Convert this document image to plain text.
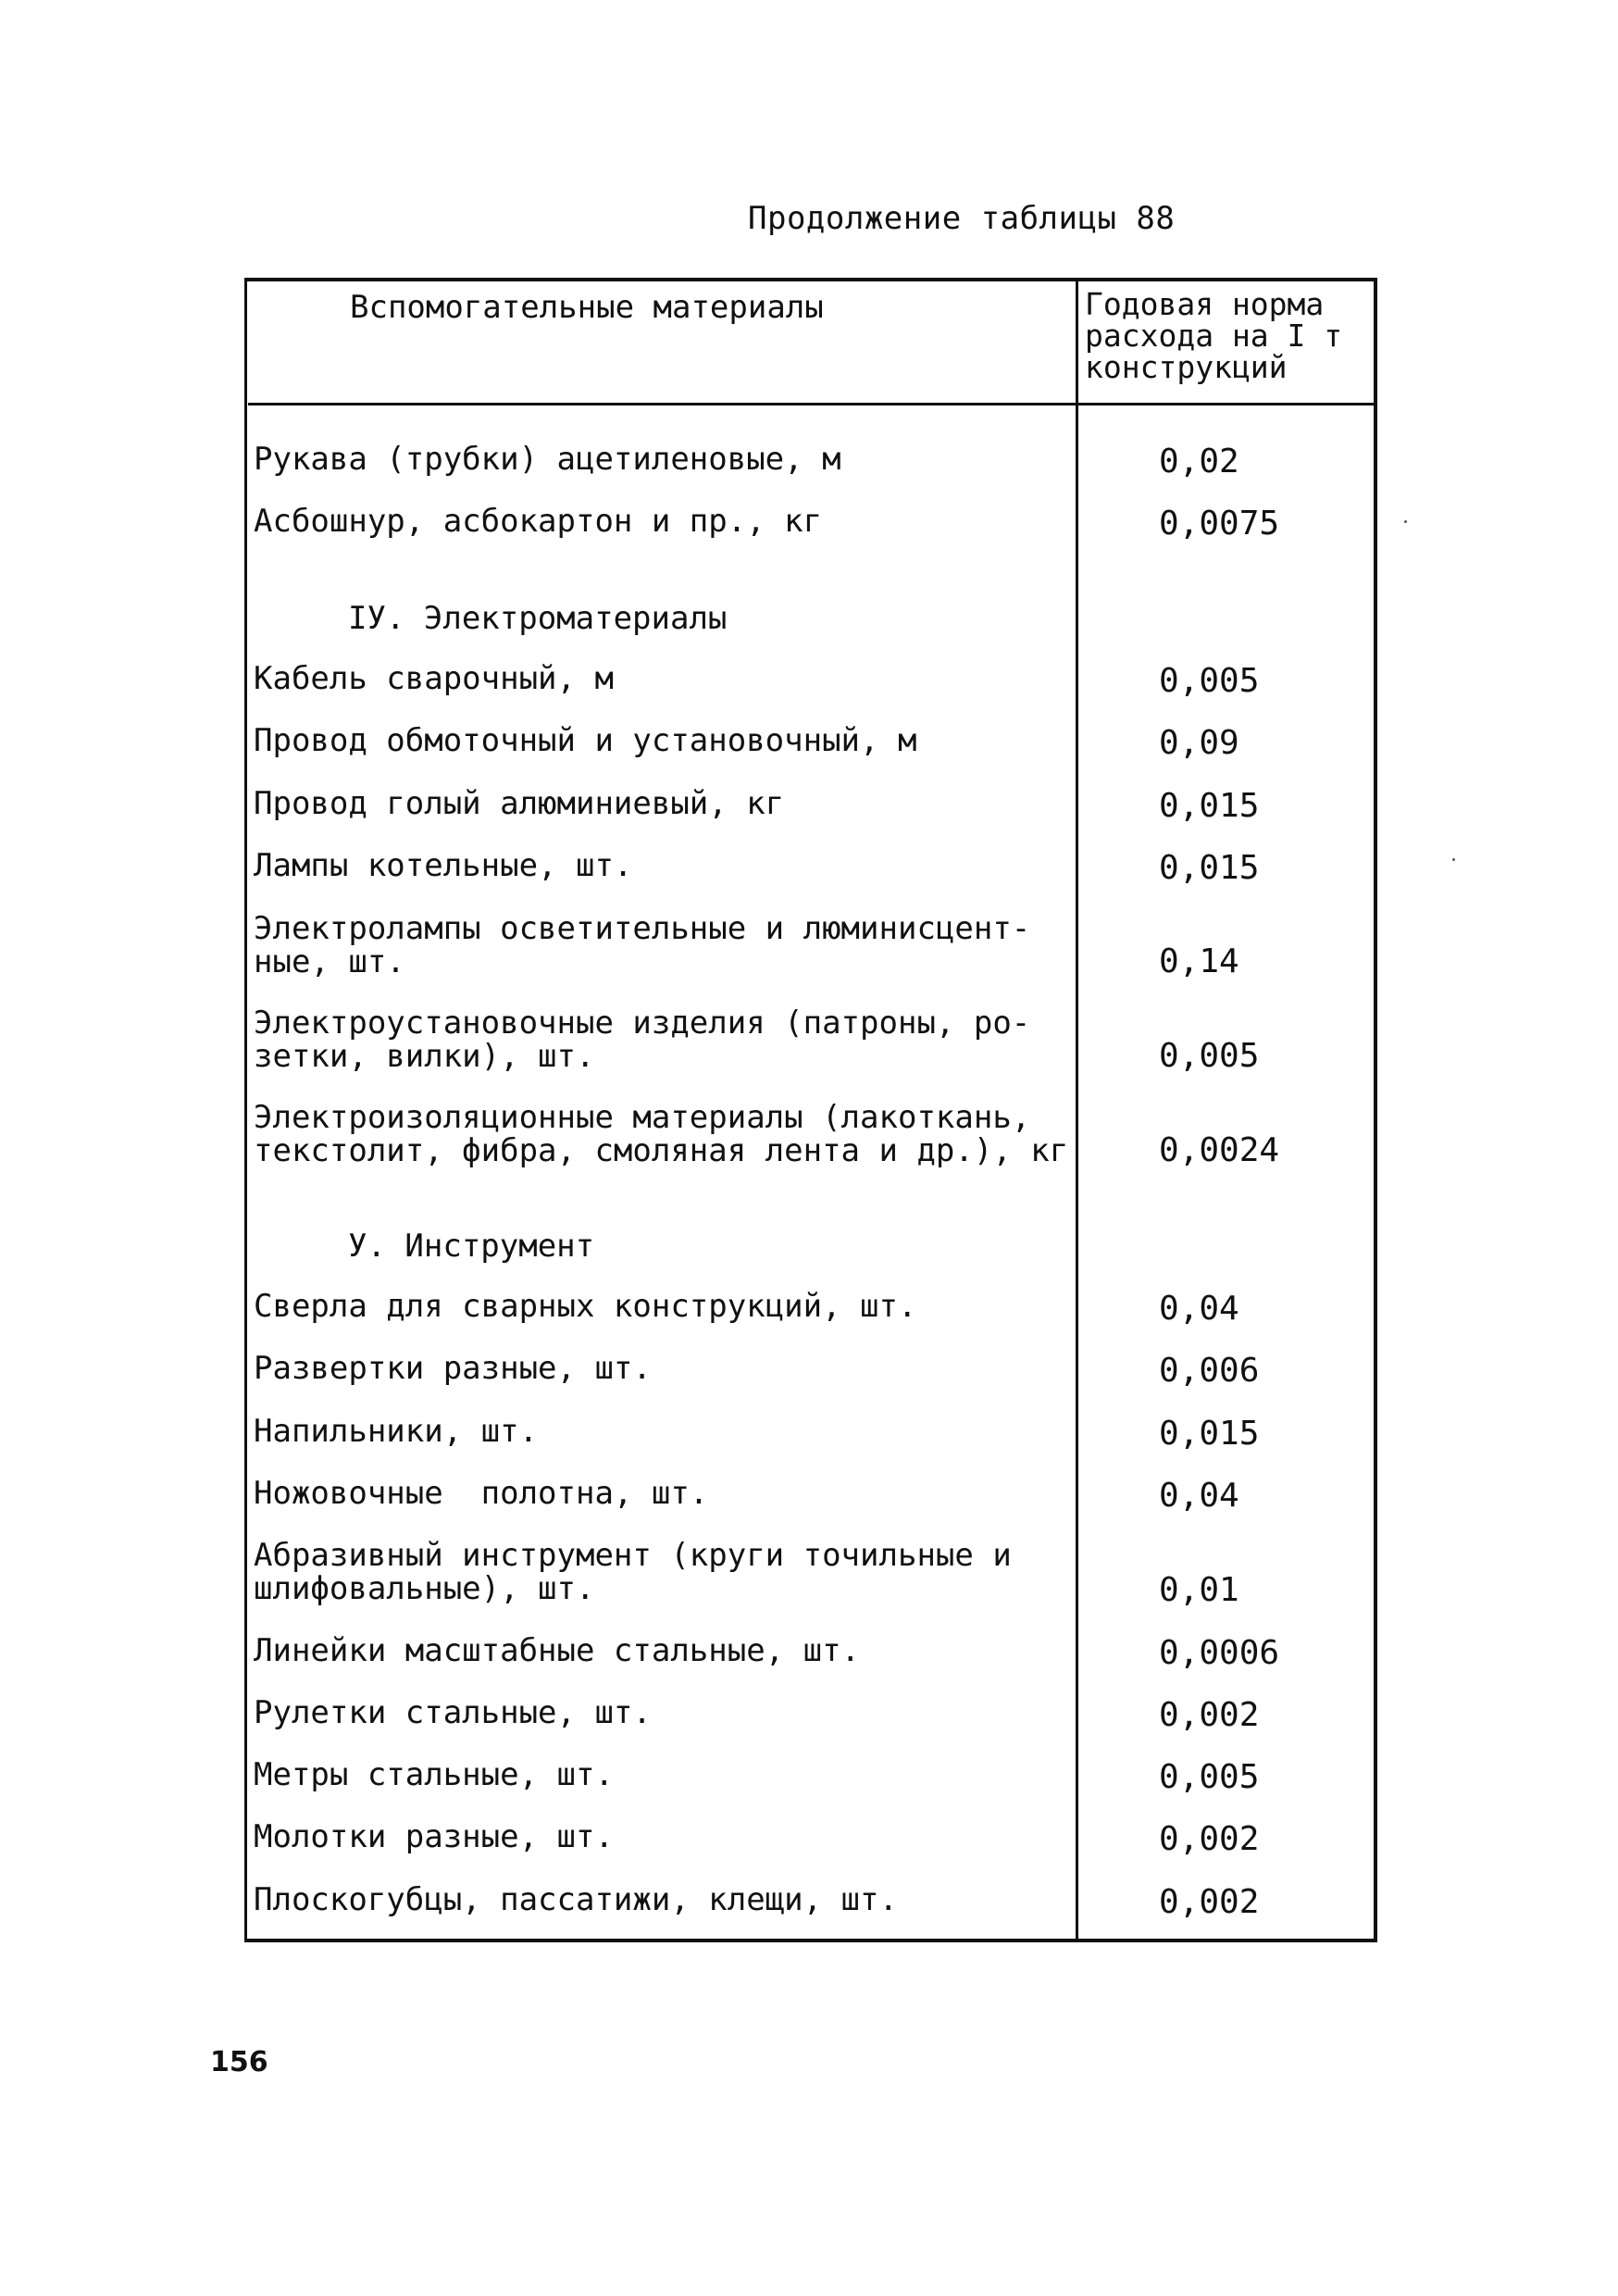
Продолжение таблицы 88
Вспомогательные материалы	Годовая норма
расхода на I т
конструкций
Рукава (трубки) ацетиленовые, м	0,02
Асбошнур, асбокартон и пр., кг	0,0075
IУ. Электроматериалы
Кабель сварочный, м	0,005
Провод обмоточный и установочный, м	0,09
Провод голый алюминиевый, кг	0,015
Лампы котельные, шт.	0,015
Электролампы осветительные и люминисцент-
ные, шт.	0,14
Электроустановочные изделия (патроны, ро-
зетки, вилки), шт.	0,005
Электроизоляционные материалы (лакоткань,
текстолит, фибра, смоляная лента и др.), кг	0,0024
У. Инструмент
Сверла для сварных конструкций, шт.	0,04
Развертки разные, шт.	0,006
Напильники, шт.	0,015
Ножовочные  полотна, шт.	0,04
Абразивный инструмент (круги точильные и
шлифовальные), шт.	0,01
Линейки масштабные стальные, шт.	0,0006
Рулетки стальные, шт.	0,002
Метры стальные, шт.	0,005
Молотки разные, шт.	0,002
Плоскогубцы, пассатижи, клещи, шт.	0,002
156
